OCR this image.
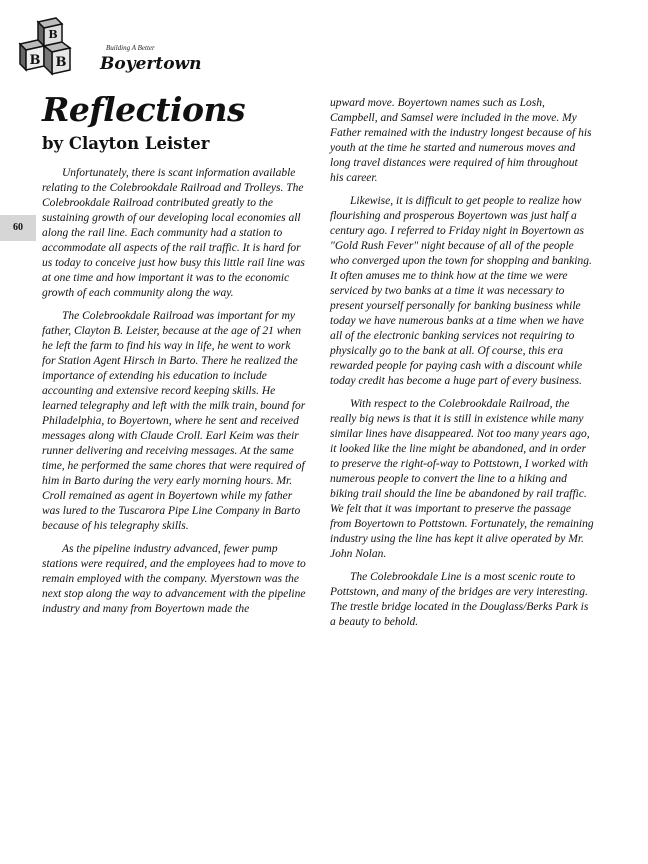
B
B B
Building A Better
Boyertown
60
Reflections
by Clayton Leister

Unfortunately, there is scant information available relating to the Colebrookdale Railroad and Trolleys. The Colebrookdale Railroad contributed greatly to the sustaining growth of our developing local economies all along the rail line. Each community had a station to accommodate all aspects of the rail traffic. It is hard for us today to conceive just how busy this little rail line was at one time and how important it was to the economic growth of each community along the way.

The Colebrookdale Railroad was important for my father, Clayton B. Leister, because at the age of 21 when he left the farm to find his way in life, he went to work for Station Agent Hirsch in Barto. There he realized the importance of extending his education to include accounting and extensive record keeping skills. He learned telegraphy and left with the milk train, bound for Philadelphia, to Boyertown, where he sent and received messages along with Claude Croll. Earl Keim was their runner delivering and receiving messages. At the same time, he performed the same chores that were required of him in Barto during the very early morning hours. Mr. Croll remained as agent in Boyertown while my father was lured to the Tuscarora Pipe Line Company in Barto because of his telegraphy skills.

As the pipeline industry advanced, fewer pump stations were required, and the employees had to move to remain employed with the company. Myerstown was the next stop along the way to advancement with the pipeline industry and many from Boyertown made the

upward move. Boyertown names such as Losh, Campbell, and Samsel were included in the move. My Father remained with the industry longest because of his youth at the time he started and numerous moves and long travel distances were required of him throughout his career.

Likewise, it is difficult to get people to realize how flourishing and prosperous Boyertown was just half a century ago. I referred to Friday night in Boyertown as "Gold Rush Fever" night because of all of the people who converged upon the town for shopping and banking. It often amuses me to think how at the time we were serviced by two banks at a time it was necessary to present yourself personally for banking business while today we have numerous banks at a time when we have all of the electronic banking services not requiring to physically go to the bank at all. Of course, this era rewarded people for paying cash with a discount while today credit has become a huge part of every business.

With respect to the Colebrookdale Railroad, the really big news is that it is still in existence while many similar lines have disappeared. Not too many years ago, it looked like the line might be abandoned, and in order to preserve the right-of-way to Pottstown, I worked with numerous people to convert the line to a hiking and biking trail should the line be abandoned by rail traffic. We felt that it was important to preserve the passage from Boyertown to Pottstown. Fortunately, the remaining industry using the line has kept it alive operated by Mr. John Nolan.

The Colebrookdale Line is a most scenic route to Pottstown, and many of the bridges are very interesting. The trestle bridge located in the Douglass/Berks Park is a beauty to behold.
